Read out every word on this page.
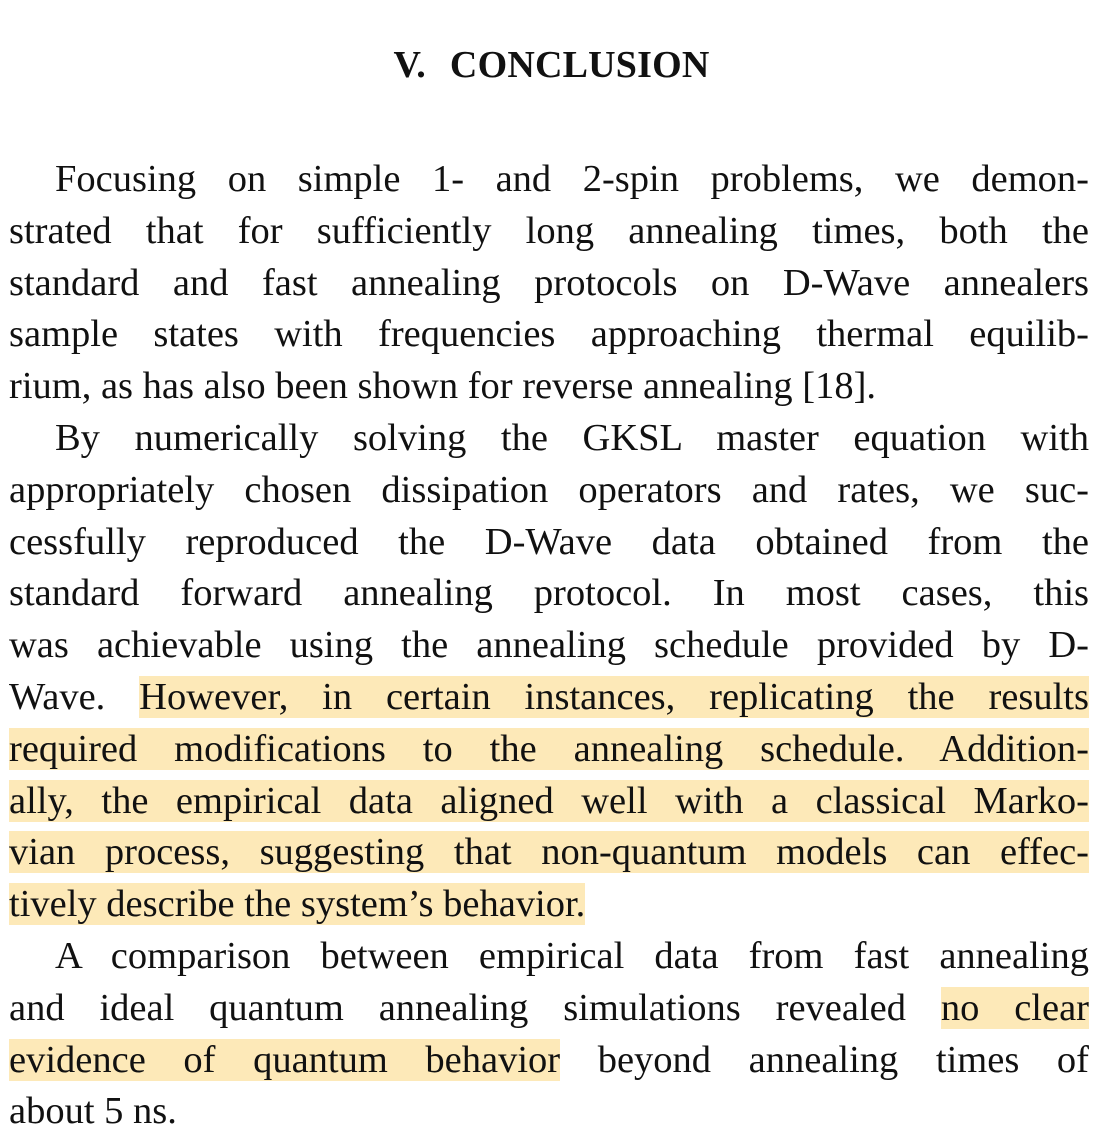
V. CONCLUSION
Focusing on simple 1- and 2-spin problems, we demon-
strated that for sufficiently long annealing times, both the
standard and fast annealing protocols on D-Wave annealers
sample states with frequencies approaching thermal equilib-
rium, as has also been shown for reverse annealing [18].
By numerically solving the GKSL master equation with
appropriately chosen dissipation operators and rates, we suc-
cessfully reproduced the D-Wave data obtained from the
standard forward annealing protocol. In most cases, this
was achievable using the annealing schedule provided by D-
Wave. However, in certain instances, replicating the results
required modifications to the annealing schedule. Addition-
ally, the empirical data aligned well with a classical Marko-
vian process, suggesting that non-quantum models can effec-
tively describe the system’s behavior.
A comparison between empirical data from fast annealing
and ideal quantum annealing simulations revealed no clear
evidence of quantum behavior beyond annealing times of
about 5 ns.
